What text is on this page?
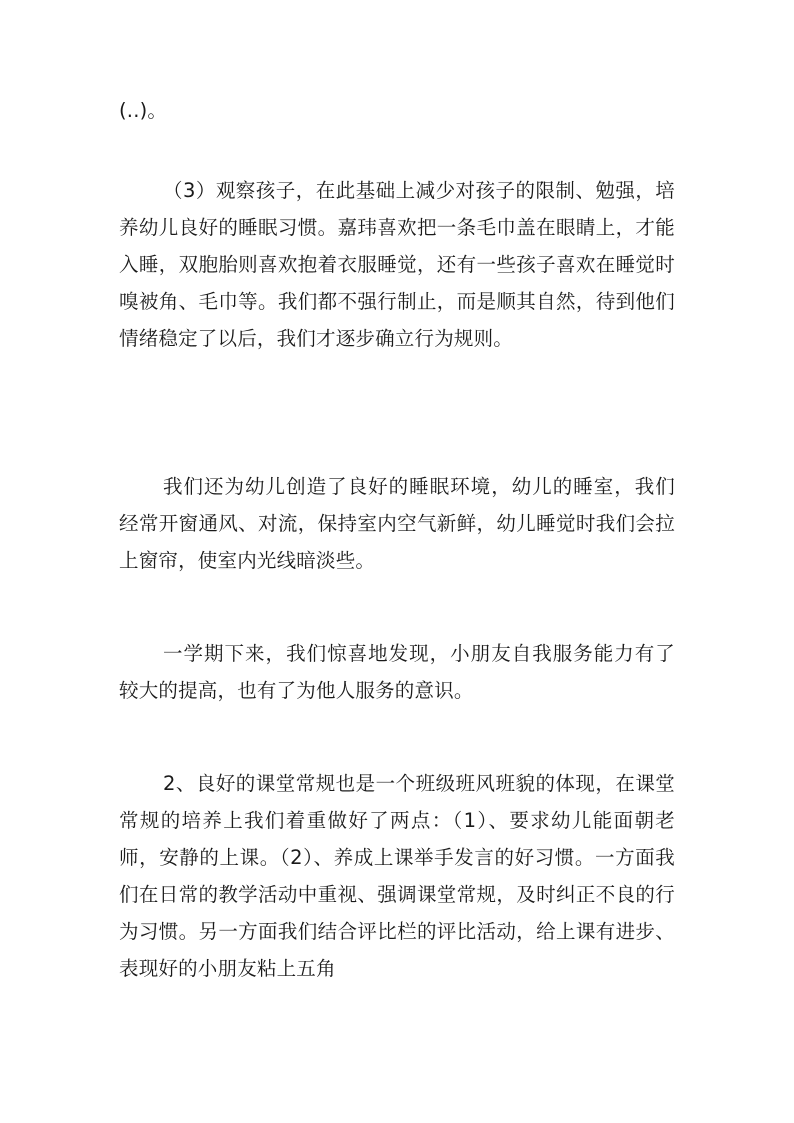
(..)。

（3）观察孩子，在此基础上减少对孩子的限制、勉强，培养幼儿良好的睡眠习惯。嘉玮喜欢把一条毛巾盖在眼睛上，才能入睡，双胞胎则喜欢抱着衣服睡觉，还有一些孩子喜欢在睡觉时嗅被角、毛巾等。我们都不强行制止，而是顺其自然，待到他们情绪稳定了以后，我们才逐步确立行为规则。

我们还为幼儿创造了良好的睡眠环境，幼儿的睡室，我们经常开窗通风、对流，保持室内空气新鲜，幼儿睡觉时我们会拉上窗帘，使室内光线暗淡些。

一学期下来，我们惊喜地发现，小朋友自我服务能力有了较大的提高，也有了为他人服务的意识。

2、良好的课堂常规也是一个班级班风班貌的体现，在课堂常规的培养上我们着重做好了两点：（1）、要求幼儿能面朝老师，安静的上课。（2）、养成上课举手发言的好习惯。一方面我们在日常的教学活动中重视、强调课堂常规，及时纠正不良的行为习惯。另一方面我们结合评比栏的评比活动，给上课有进步、表现好的小朋友粘上五角
